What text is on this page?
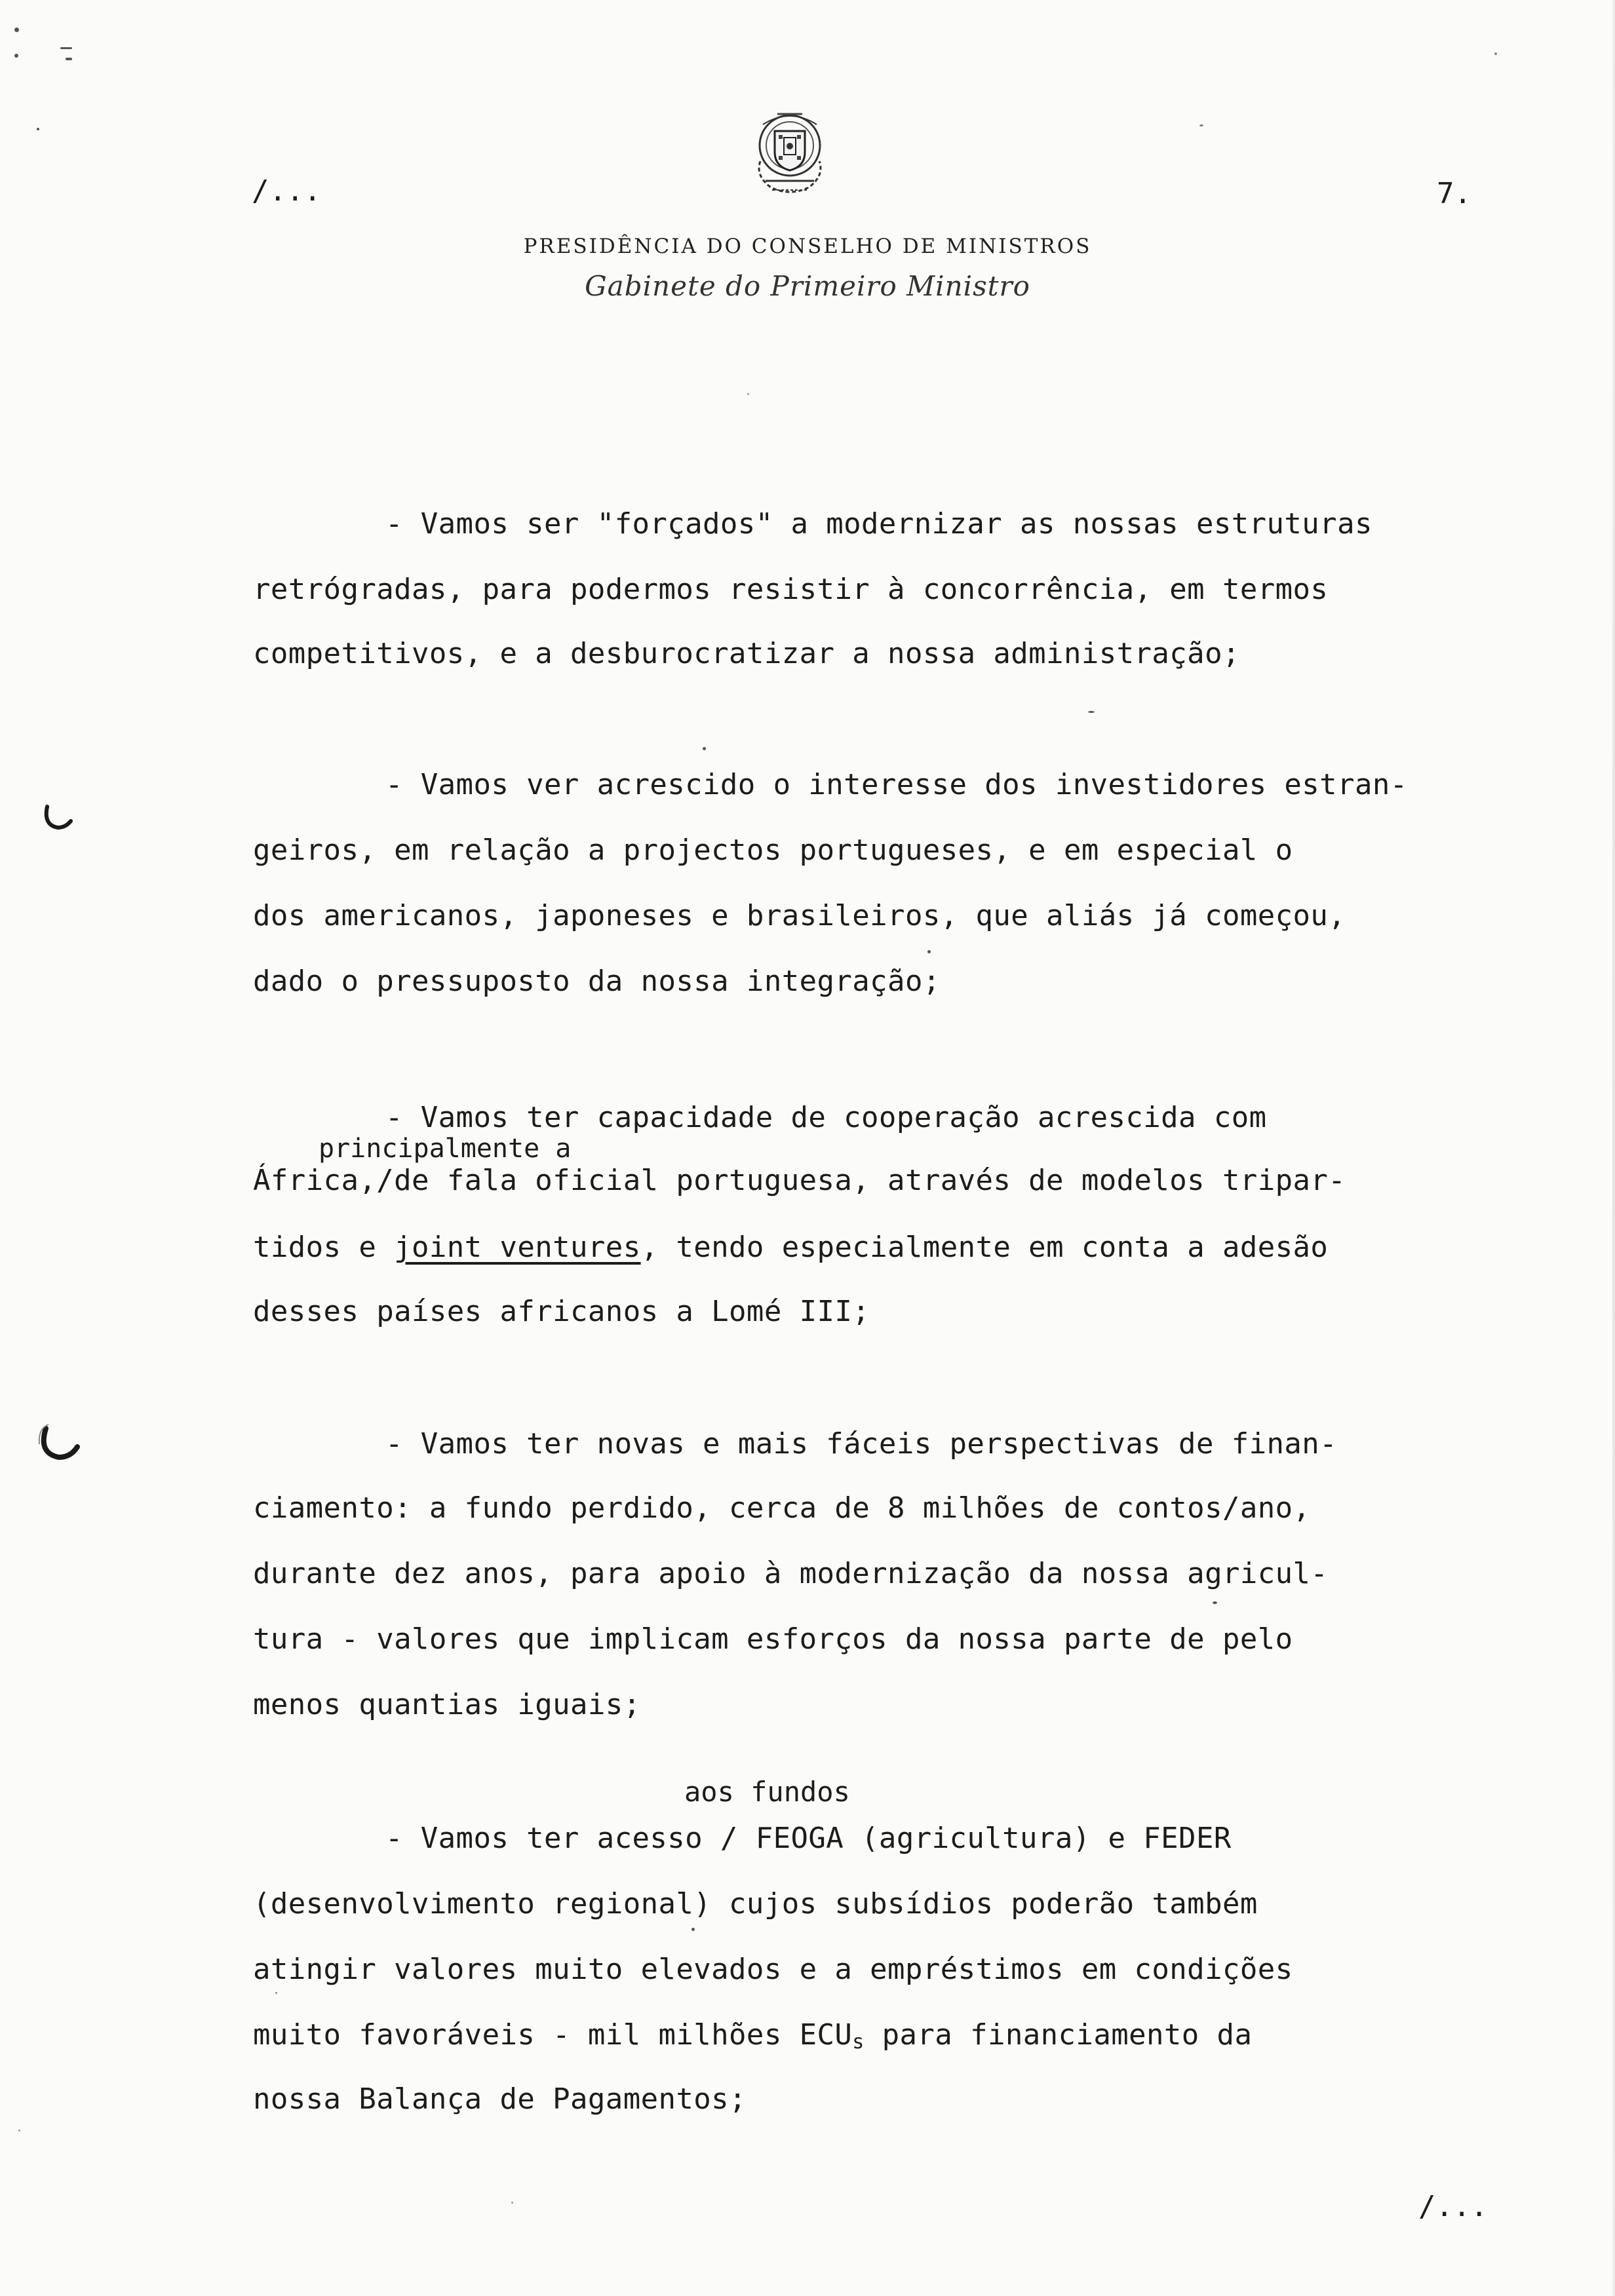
/...	7.
PRESIDÊNCIA DO CONSELHO DE MINISTROS
Gabinete do Primeiro Ministro
- Vamos ser "forçados" a modernizar as nossas estruturas
retrógradas, para podermos resistir à concorrência, em termos
competitivos, e a desburocratizar a nossa administração;
- Vamos ver acrescido o interesse dos investidores estran-
geiros, em relação a projectos portugueses, e em especial o
dos americanos, japoneses e brasileiros, que aliás já começou,
dado o pressuposto da nossa integração;
- Vamos ter capacidade de cooperação acrescida com
principalmente a
África,/de fala oficial portuguesa, através de modelos tripar-
tidos e joint ventures, tendo especialmente em conta a adesão
desses países africanos a Lomé III;
- Vamos ter novas e mais fáceis perspectivas de finan-
ciamento: a fundo perdido, cerca de 8 milhões de contos/ano,
durante dez anos, para apoio à modernização da nossa agricul-
tura - valores que implicam esforços da nossa parte de pelo
menos quantias iguais;
aos fundos
- Vamos ter acesso / FEOGA (agricultura) e FEDER
(desenvolvimento regional) cujos subsídios poderão também
atingir valores muito elevados e a empréstimos em condições
muito favoráveis - mil milhões $ECU_s$ para financiamento da
nossa Balança de Pagamentos;
/...
